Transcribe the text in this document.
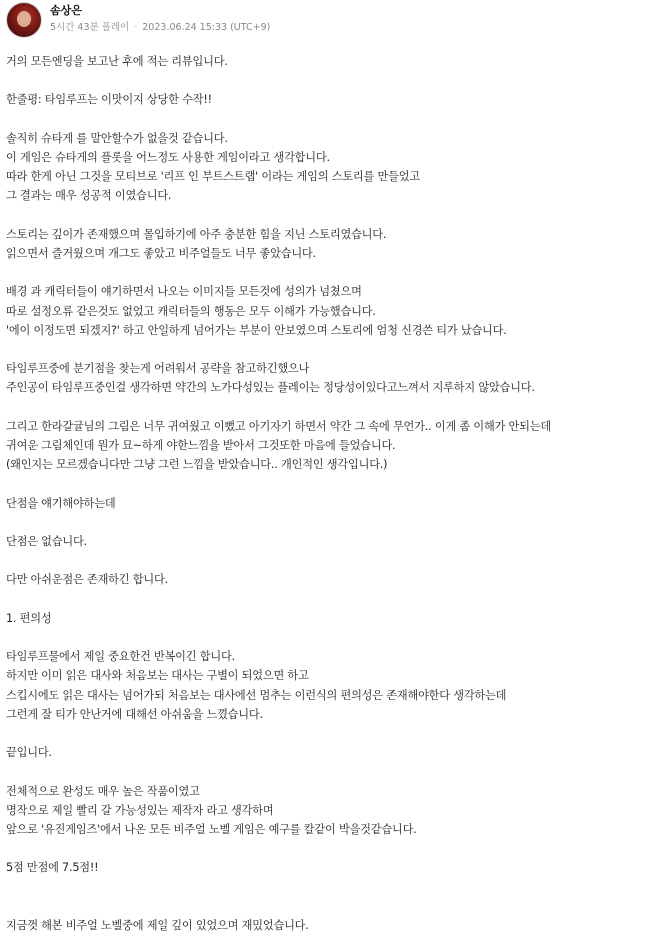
솜상은
5시간 43분 플레이 · 2023.06.24 15:33 (UTC+9)

거의 모든엔딩을 보고난 후에 적는 리뷰입니다.

한줄평: 타임루프는 이맛이지 상당한 수작!!

솔직히 슈타게 를 말안할수가 없을것 같습니다.

이 게임은 슈타게의 플롯을 어느정도 사용한 게임이라고 생각합니다.

따라 한게 아닌 그것을 모티브로 '리프 인 부트스트랩' 이라는 게임의 스토리를 만들었고

그 결과는 매우 성공적 이였습니다.

스토리는 깊이가 존재했으며 몰입하기에 아주 충분한 힘을 지닌 스토리였습니다.

읽으면서 즐거웠으며 개그도 좋았고 비주얼들도 너무 좋았습니다.

배경 과 캐릭터들이 얘기하면서 나오는 이미지들 모든것에 성의가 넘쳤으며

따로 설정오류 같은것도 없었고 캐릭터들의 행동은 모두 이해가 가능했습니다.

'에이 이정도면 되겠지?' 하고 안일하게 넘어가는 부분이 안보였으며 스토리에 엄청 신경쓴 티가 났습니다.

타임루프중에 분기점을 찾는게 어려워서 공략을 참고하긴했으나

주인공이 타임루프중인걸 생각하면 약간의 노가다성있는 플레이는 정당성이있다고느껴서 지루하지 않았습니다.

그리고 한라갈귤님의 그림은 너무 귀여웠고 이뻤고 아기자기 하면서 약간 그 속에 무언가.. 이게 좀 이해가 안되는데

귀여운 그림체인데 뭔가 묘~하게 야한느낌을 받아서 그것또한 마음에 들었습니다.

(왜인지는 모르겠습니다만 그냥 그런 느낌을 받았습니다.. 개인적인 생각입니다.)

단점을 얘기해야하는데

단점은 없습니다.

다만 아쉬운점은 존재하긴 합니다.

1. 편의성

타임루프물에서 제일 중요한건 반복이긴 합니다.

하지만 이미 읽은 대사와 처음보는 대사는 구별이 되었으면 하고

스킵시에도 읽은 대사는 넘어가되 처음보는 대사에선 멈추는 이런식의 편의성은 존재해야한다 생각하는데

그런게 잘 티가 안난거에 대해선 아쉬움을 느꼈습니다.

끝입니다.

전체적으로 완성도 매우 높은 작품이였고

명작으로 제일 빨리 갈 가능성있는 제작자 라고 생각하며

앞으로 '유진게임즈'에서 나온 모든 비주얼 노벨 게임은 예구를 칼같이 박을것같습니다.

5점 만점에 7.5점!!

지금껏 해본 비주얼 노벨중에 제일 깊이 있었으며 재밌었습니다.
